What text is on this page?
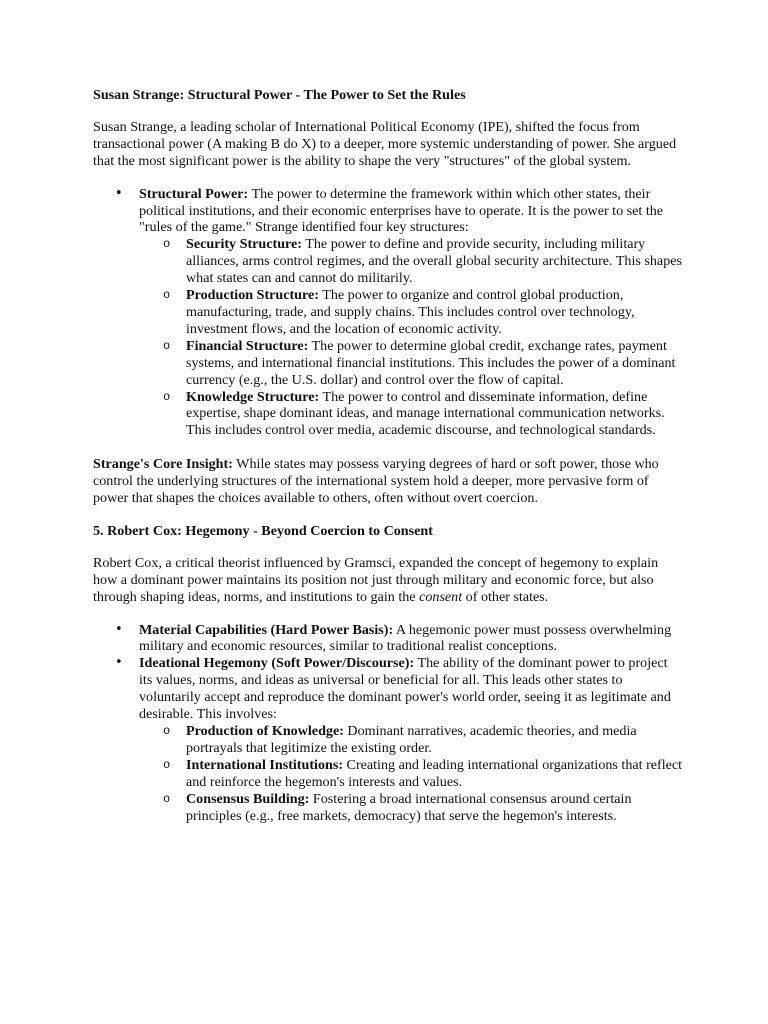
Susan Strange: Structural Power - The Power to Set the Rules

Susan Strange, a leading scholar of International Political Economy (IPE), shifted the focus from transactional power (A making B do X) to a deeper, more systemic understanding of power. She argued that the most significant power is the ability to shape the very "structures" of the global system.

• Structural Power: The power to determine the framework within which other states, their political institutions, and their economic enterprises have to operate. It is the power to set the "rules of the game." Strange identified four key structures:
o Security Structure: The power to define and provide security, including military alliances, arms control regimes, and the overall global security architecture. This shapes what states can and cannot do militarily.
o Production Structure: The power to organize and control global production, manufacturing, trade, and supply chains. This includes control over technology, investment flows, and the location of economic activity.
o Financial Structure: The power to determine global credit, exchange rates, payment systems, and international financial institutions. This includes the power of a dominant currency (e.g., the U.S. dollar) and control over the flow of capital.
o Knowledge Structure: The power to control and disseminate information, define expertise, shape dominant ideas, and manage international communication networks. This includes control over media, academic discourse, and technological standards.

Strange's Core Insight: While states may possess varying degrees of hard or soft power, those who control the underlying structures of the international system hold a deeper, more pervasive form of power that shapes the choices available to others, often without overt coercion.

5. Robert Cox: Hegemony - Beyond Coercion to Consent

Robert Cox, a critical theorist influenced by Gramsci, expanded the concept of hegemony to explain how a dominant power maintains its position not just through military and economic force, but also through shaping ideas, norms, and institutions to gain the consent of other states.

• Material Capabilities (Hard Power Basis): A hegemonic power must possess overwhelming military and economic resources, similar to traditional realist conceptions.
• Ideational Hegemony (Soft Power/Discourse): The ability of the dominant power to project its values, norms, and ideas as universal or beneficial for all. This leads other states to voluntarily accept and reproduce the dominant power's world order, seeing it as legitimate and desirable. This involves:
o Production of Knowledge: Dominant narratives, academic theories, and media portrayals that legitimize the existing order.
o International Institutions: Creating and leading international organizations that reflect and reinforce the hegemon's interests and values.
o Consensus Building: Fostering a broad international consensus around certain principles (e.g., free markets, democracy) that serve the hegemon's interests.
